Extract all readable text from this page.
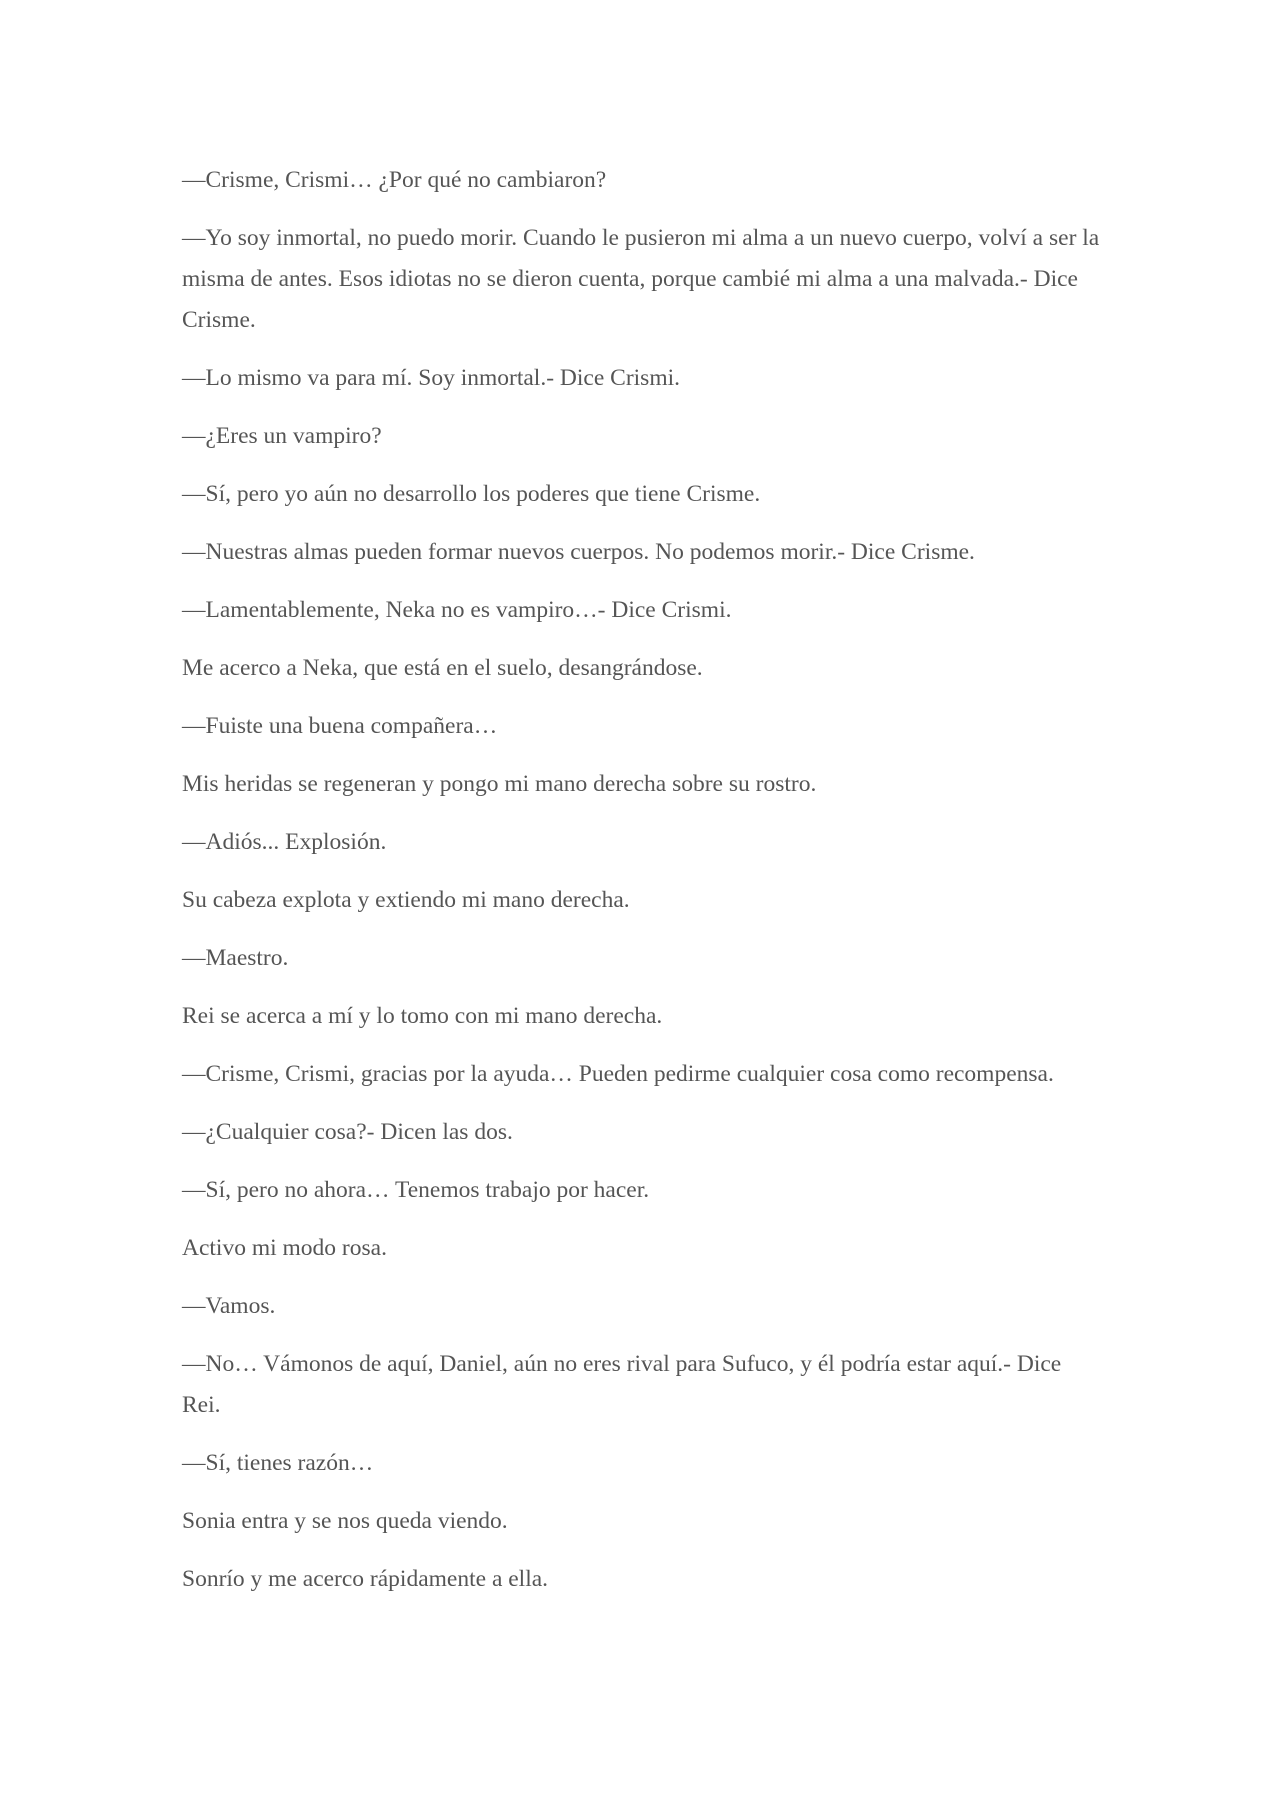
—Crisme, Crismi… ¿Por qué no cambiaron?

—Yo soy inmortal, no puedo morir. Cuando le pusieron mi alma a un nuevo cuerpo, volví a ser la misma de antes. Esos idiotas no se dieron cuenta, porque cambié mi alma a una malvada.- Dice Crisme.

—Lo mismo va para mí. Soy inmortal.- Dice Crismi.

—¿Eres un vampiro?

—Sí, pero yo aún no desarrollo los poderes que tiene Crisme.

—Nuestras almas pueden formar nuevos cuerpos. No podemos morir.- Dice Crisme.

—Lamentablemente, Neka no es vampiro…- Dice Crismi.

Me acerco a Neka, que está en el suelo, desangrándose.

—Fuiste una buena compañera…

Mis heridas se regeneran y pongo mi mano derecha sobre su rostro.

—Adiós... Explosión.

Su cabeza explota y extiendo mi mano derecha.

—Maestro.

Rei se acerca a mí y lo tomo con mi mano derecha.

—Crisme, Crismi, gracias por la ayuda… Pueden pedirme cualquier cosa como recompensa.

—¿Cualquier cosa?- Dicen las dos.

—Sí, pero no ahora… Tenemos trabajo por hacer.

Activo mi modo rosa.

—Vamos.

—No… Vámonos de aquí, Daniel, aún no eres rival para Sufuco, y él podría estar aquí.- Dice Rei.

—Sí, tienes razón…

Sonia entra y se nos queda viendo.

Sonrío y me acerco rápidamente a ella.
